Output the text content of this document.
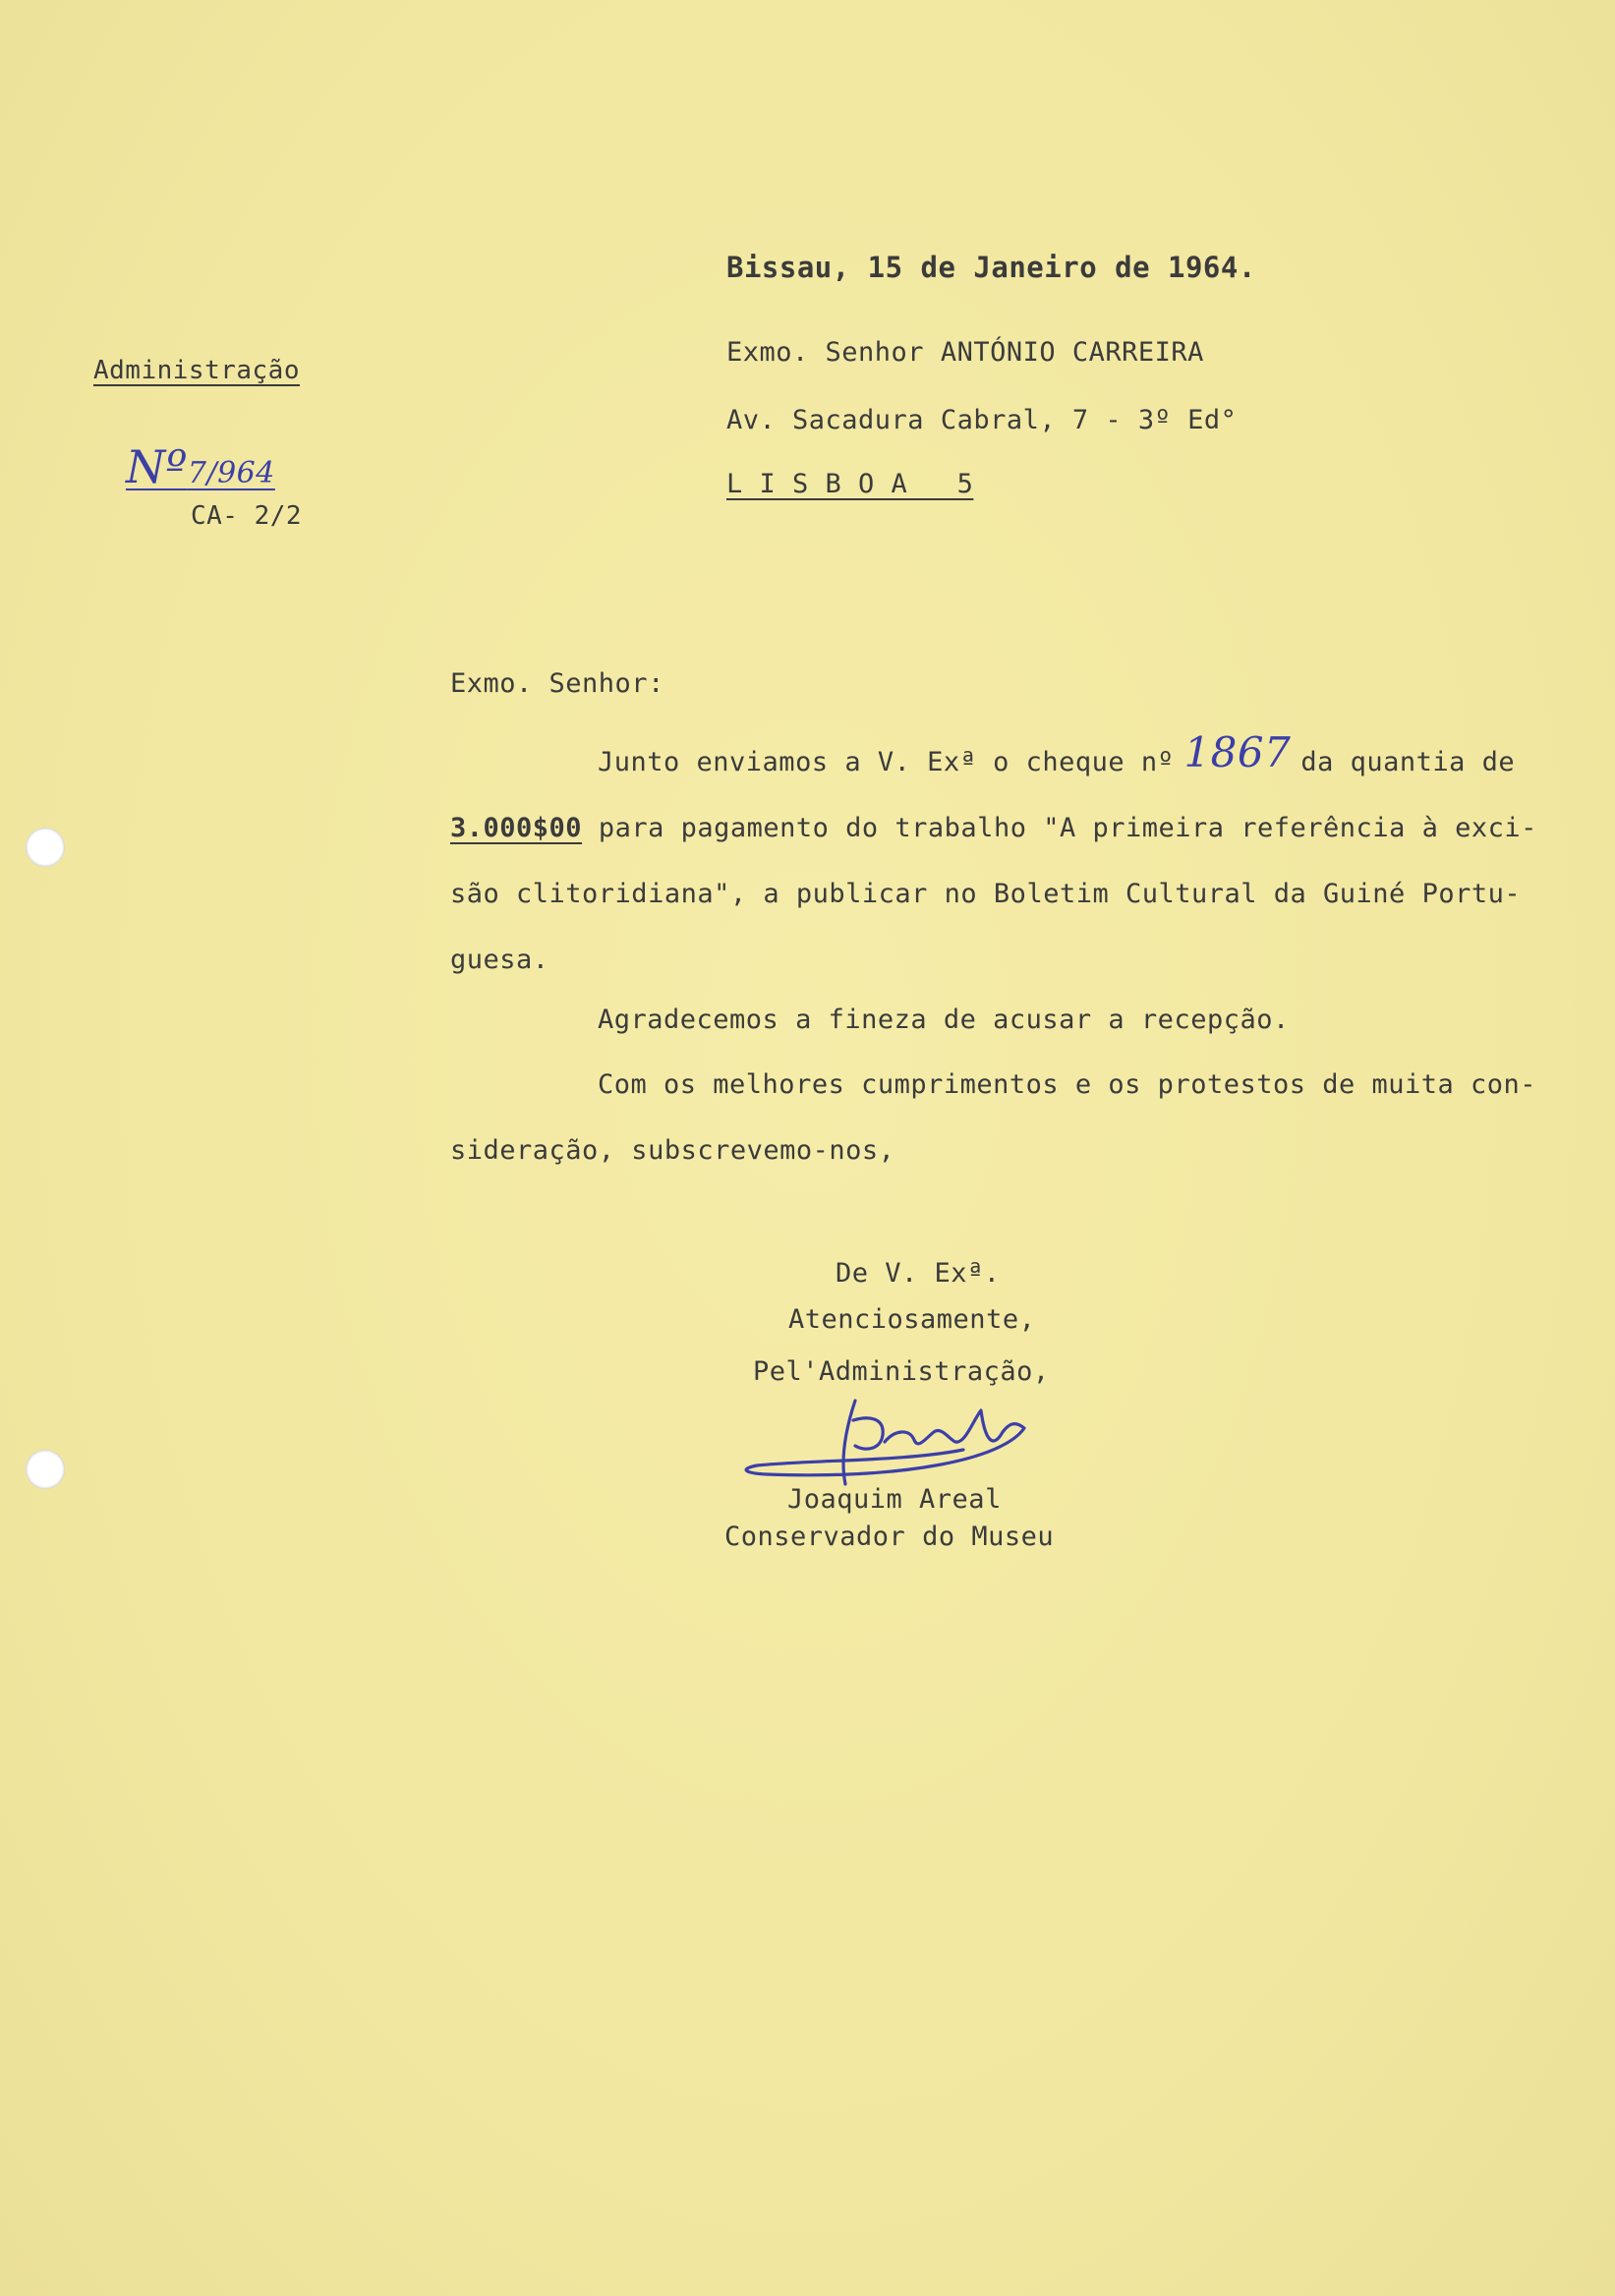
Administração
Nº7/964
CA- 2/2
Bissau, 15 de Janeiro de 1964.
Exmo. Senhor ANTÓNIO CARREIRA
Av. Sacadura Cabral, 7 - 3º Ed°
L I S B O A   5
Exmo. Senhor:
Junto enviamos a V. Exª o cheque nº 1867 da quantia de
3.000$00 para pagamento do trabalho "A primeira referência à exci-
são clitoridiana", a publicar no Boletim Cultural da Guiné Portu-
guesa.
Agradecemos a fineza de acusar a recepção.
Com os melhores cumprimentos e os protestos de muita con-
sideração, subscrevemo-nos,
De V. Exª.
Atenciosamente,
Pel'Administração,
Joaquim Areal
Conservador do Museu
